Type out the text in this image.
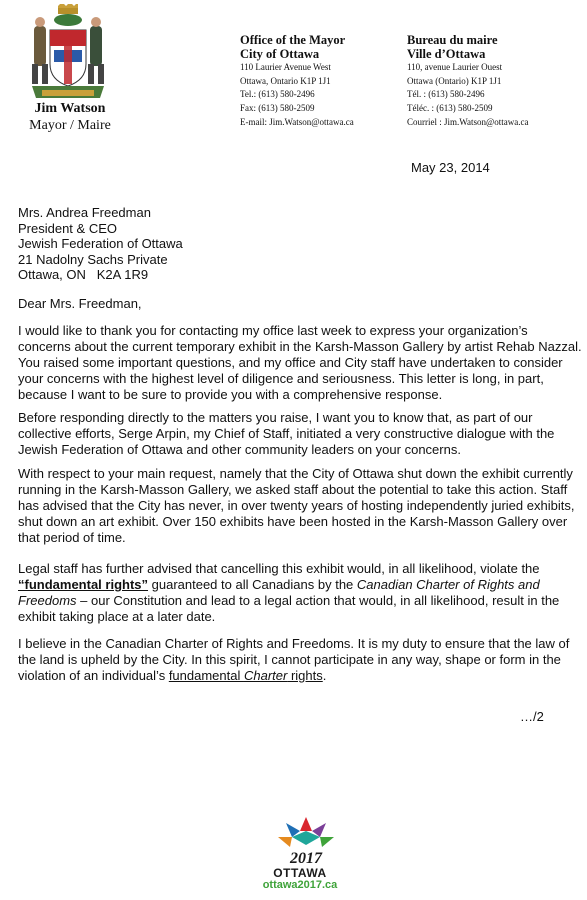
Jim Watson
Mayor / Maire
Office of the Mayor
City of Ottawa
110 Laurier Avenue West
Ottawa, Ontario K1P 1J1
Tel.: (613) 580-2496
Fax: (613) 580-2509
E-mail: Jim.Watson@ottawa.ca
Bureau du maire
Ville d’Ottawa
110, avenue Laurier Ouest
Ottawa (Ontario) K1P 1J1
Tél. : (613) 580-2496
Téléc. : (613) 580-2509
Courriel : Jim.Watson@ottawa.ca
May 23, 2014
Mrs. Andrea Freedman
President & CEO
Jewish Federation of Ottawa
21 Nadolny Sachs Private
Ottawa, ON   K2A 1R9
Dear Mrs. Freedman,

I would like to thank you for contacting my office last week to express your organization’s concerns about the current temporary exhibit in the Karsh-Masson Gallery by artist Rehab Nazzal. You raised some important questions, and my office and City staff have undertaken to consider your concerns with the highest level of diligence and seriousness. This letter is long, in part, because I want to be sure to provide you with a comprehensive response.

Before responding directly to the matters you raise, I want you to know that, as part of our collective efforts, Serge Arpin, my Chief of Staff, initiated a very constructive dialogue with the Jewish Federation of Ottawa and other community leaders on your concerns.

With respect to your main request, namely that the City of Ottawa shut down the exhibit currently running in the Karsh-Masson Gallery, we asked staff about the potential to take this action. Staff has advised that the City has never, in over twenty years of hosting independently juried exhibits, shut down an art exhibit. Over 150 exhibits have been hosted in the Karsh-Masson Gallery over that period of time.

Legal staff has further advised that cancelling this exhibit would, in all likelihood, violate the “fundamental rights” guaranteed to all Canadians by the Canadian Charter of Rights and Freedoms – our Constitution and lead to a legal action that would, in all likelihood, result in the exhibit taking place at a later date.

I believe in the Canadian Charter of Rights and Freedoms. It is my duty to ensure that the law of the land is upheld by the City. In this spirit, I cannot participate in any way, shape or form in the violation of an individual’s fundamental Charter rights.

…/2
2017
OTTAWA
ottawa2017.ca
